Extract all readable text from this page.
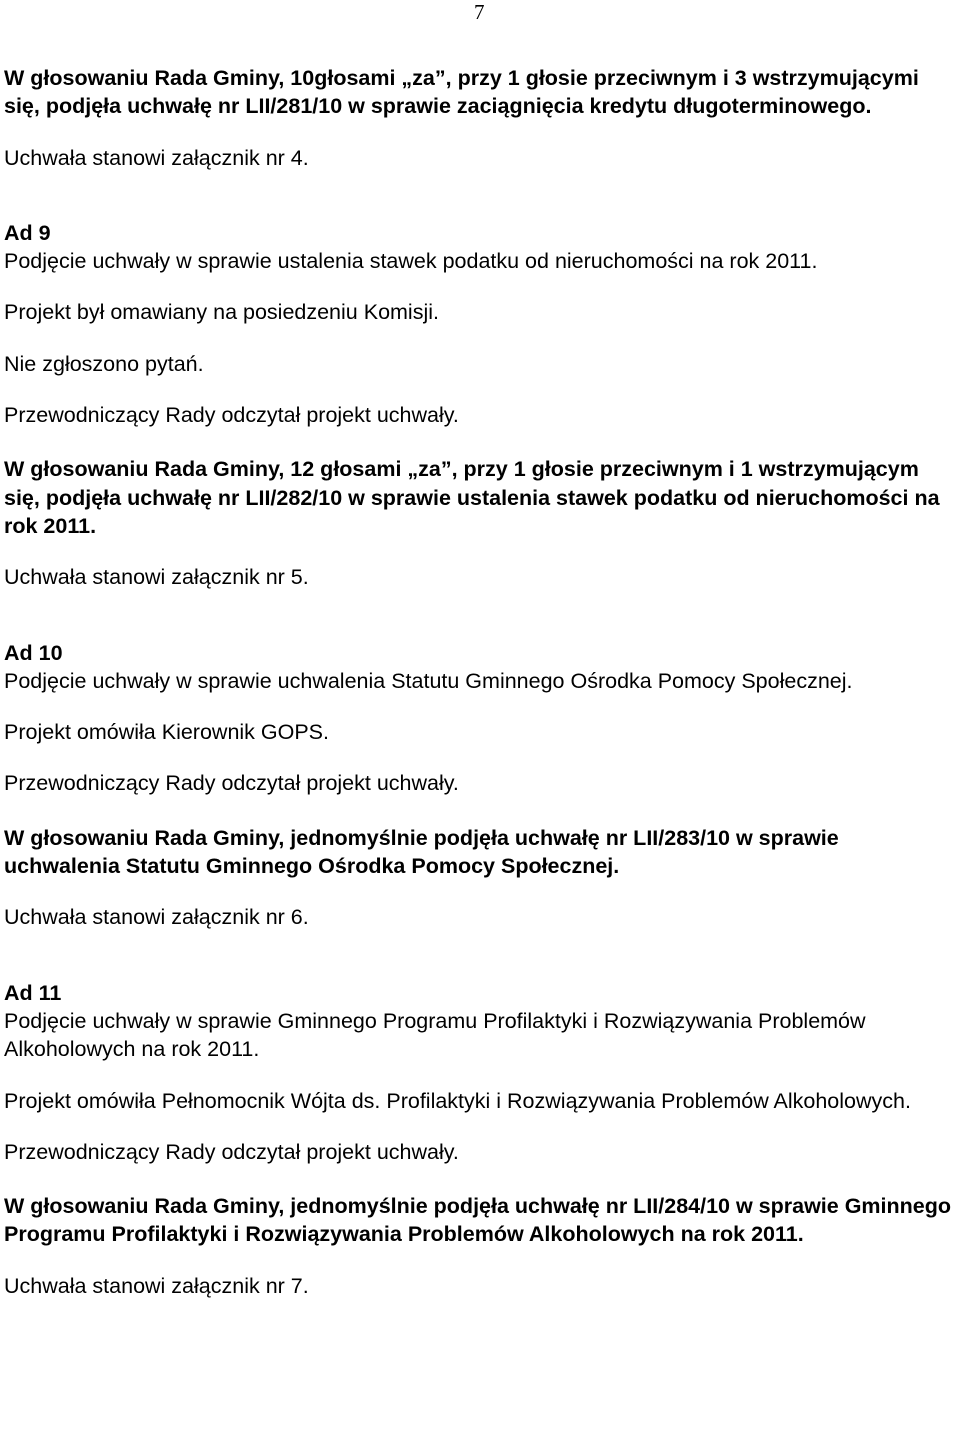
7

W głosowaniu Rada Gminy, 10głosami „za”, przy 1 głosie przeciwnym i 3 wstrzymującymi się, podjęła uchwałę nr LII/281/10 w sprawie zaciągnięcia kredytu długoterminowego.

Uchwała stanowi załącznik nr 4.

Ad 9

Podjęcie uchwały w sprawie ustalenia stawek podatku od nieruchomości na rok 2011.

Projekt był omawiany na posiedzeniu Komisji.

Nie zgłoszono pytań.

Przewodniczący Rady odczytał projekt uchwały.

W głosowaniu Rada Gminy, 12 głosami „za”, przy 1 głosie przeciwnym i 1 wstrzymującym się, podjęła uchwałę nr LII/282/10 w sprawie ustalenia stawek podatku od nieruchomości na rok 2011.

Uchwała stanowi załącznik nr 5.

Ad 10

Podjęcie uchwały w sprawie uchwalenia Statutu Gminnego Ośrodka Pomocy Społecznej.

Projekt omówiła Kierownik GOPS.

Przewodniczący Rady odczytał projekt uchwały.

W głosowaniu Rada Gminy, jednomyślnie podjęła uchwałę nr LII/283/10 w sprawie uchwalenia Statutu Gminnego Ośrodka Pomocy Społecznej.

Uchwała stanowi załącznik nr 6.

Ad 11

Podjęcie uchwały w sprawie Gminnego Programu Profilaktyki i Rozwiązywania Problemów Alkoholowych na rok 2011.

Projekt omówiła Pełnomocnik Wójta ds. Profilaktyki i Rozwiązywania Problemów Alkoholowych.

Przewodniczący Rady odczytał projekt uchwały.

W głosowaniu Rada Gminy, jednomyślnie podjęła uchwałę nr LII/284/10 w sprawie Gminnego Programu Profilaktyki i Rozwiązywania Problemów Alkoholowych na rok 2011.

Uchwała stanowi załącznik nr 7.
